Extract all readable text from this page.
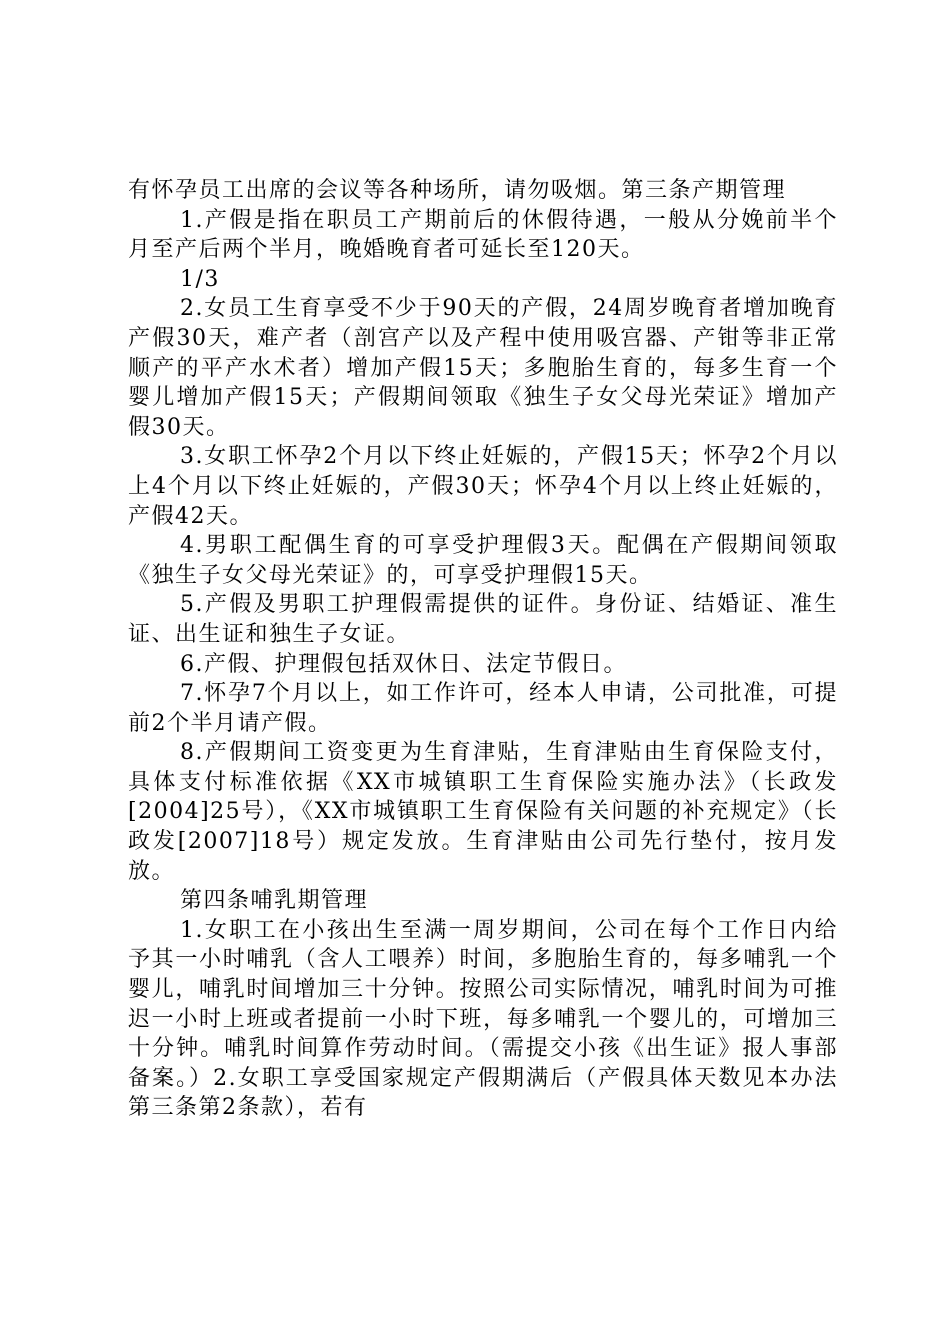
有怀孕员工出席的会议等各种场所，请勿吸烟。第三条产期管理

1.产假是指在职员工产期前后的休假待遇，一般从分娩前半个月至产后两个半月，晚婚晚育者可延长至120天。

1/3

2.女员工生育享受不少于90天的产假，24周岁晚育者增加晚育产假30天，难产者（剖宫产以及产程中使用吸宫器、产钳等非正常顺产的平产水术者）增加产假15天；多胞胎生育的，每多生育一个婴儿增加产假15天；产假期间领取《独生子女父母光荣证》增加产假30天。

3.女职工怀孕2个月以下终止妊娠的，产假15天；怀孕2个月以上4个月以下终止妊娠的，产假30天；怀孕4个月以上终止妊娠的，产假42天。

4.男职工配偶生育的可享受护理假3天。配偶在产假期间领取《独生子女父母光荣证》的，可享受护理假15天。

5.产假及男职工护理假需提供的证件。身份证、结婚证、准生证、出生证和独生子女证。

6.产假、护理假包括双休日、法定节假日。

7.怀孕7个月以上，如工作许可，经本人申请，公司批准，可提前2个半月请产假。

8.产假期间工资变更为生育津贴，生育津贴由生育保险支付，具体支付标准依据《XX市城镇职工生育保险实施办法》（长政发[2004]25号），《XX市城镇职工生育保险有关问题的补充规定》（长政发[2007]18号）规定发放。生育津贴由公司先行垫付，按月发放。

第四条哺乳期管理

1.女职工在小孩出生至满一周岁期间，公司在每个工作日内给予其一小时哺乳（含人工喂养）时间，多胞胎生育的，每多哺乳一个婴儿，哺乳时间增加三十分钟。按照公司实际情况，哺乳时间为可推迟一小时上班或者提前一小时下班，每多哺乳一个婴儿的，可增加三十分钟。哺乳时间算作劳动时间。（需提交小孩《出生证》报人事部备案。）2.女职工享受国家规定产假期满后（产假具体天数见本办法第三条第2条款），若有
